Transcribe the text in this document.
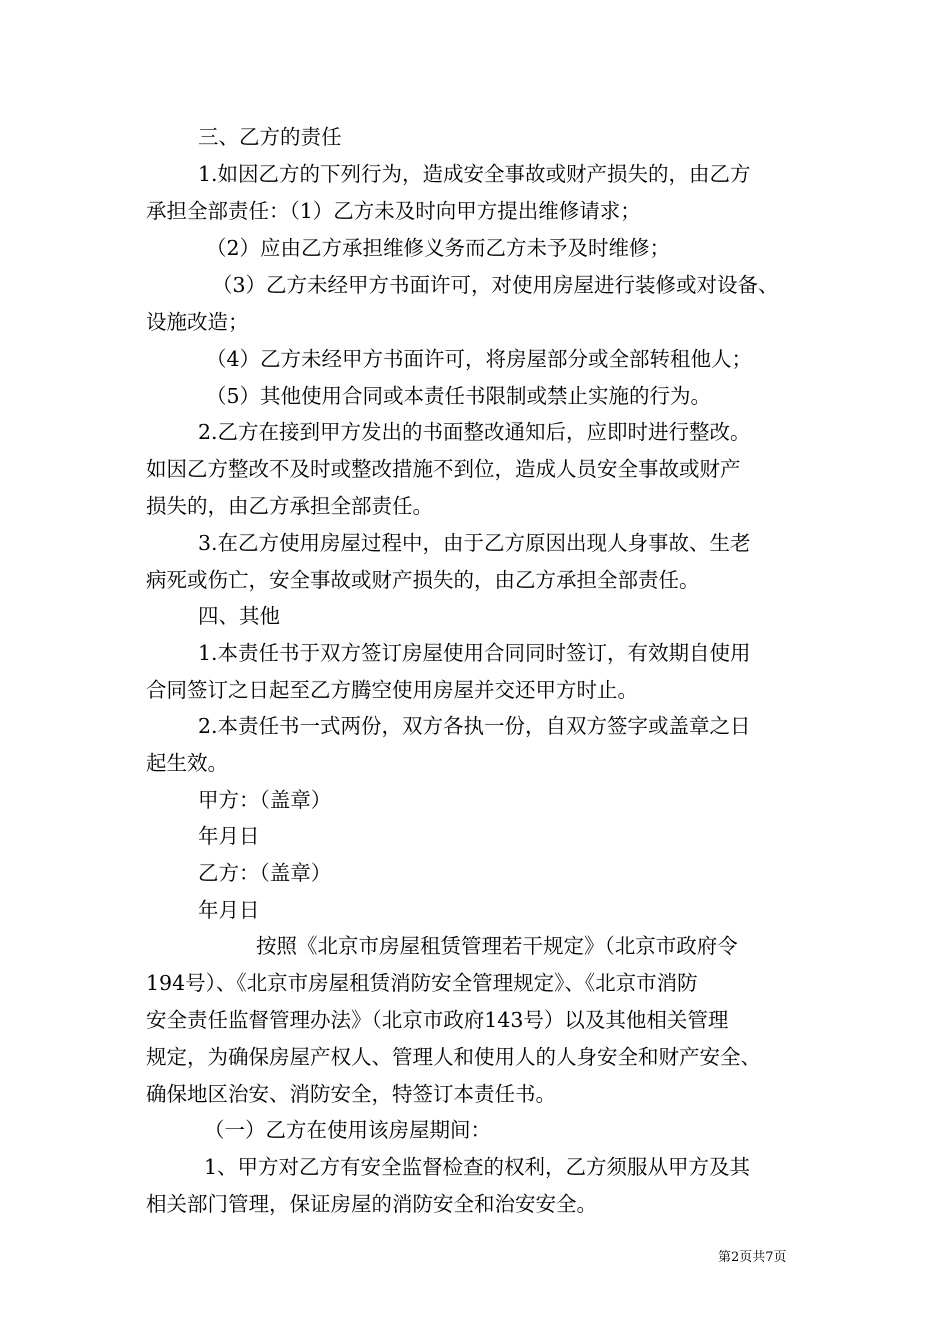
三、乙方的责任

1.如因乙方的下列行为，造成安全事故或财产损失的，由乙方

承担全部责任：（1）乙方未及时向甲方提出维修请求；

（2）应由乙方承担维修义务而乙方未予及时维修；

（3）乙方未经甲方书面许可，对使用房屋进行装修或对设备、

设施改造；

（4）乙方未经甲方书面许可，将房屋部分或全部转租他人；

（5）其他使用合同或本责任书限制或禁止实施的行为。

2.乙方在接到甲方发出的书面整改通知后，应即时进行整改。

如因乙方整改不及时或整改措施不到位，造成人员安全事故或财产

损失的，由乙方承担全部责任。

3.在乙方使用房屋过程中，由于乙方原因出现人身事故、生老

病死或伤亡，安全事故或财产损失的，由乙方承担全部责任。

四、其他

1.本责任书于双方签订房屋使用合同同时签订，有效期自使用

合同签订之日起至乙方腾空使用房屋并交还甲方时止。

2.本责任书一式两份，双方各执一份，自双方签字或盖章之日

起生效。

甲方：（盖章）

年月日

乙方：（盖章）

年月日

按照《北京市房屋租赁管理若干规定》（北京市政府令

194号）、《北京市房屋租赁消防安全管理规定》、《北京市消防

安全责任监督管理办法》（北京市政府143号）以及其他相关管理

规定，为确保房屋产权人、管理人和使用人的人身安全和财产安全、

确保地区治安、消防安全，特签订本责任书。

（一）乙方在使用该房屋期间：

1、甲方对乙方有安全监督检查的权利，乙方须服从甲方及其

相关部门管理，保证房屋的消防安全和治安安全。

第2页共7页
